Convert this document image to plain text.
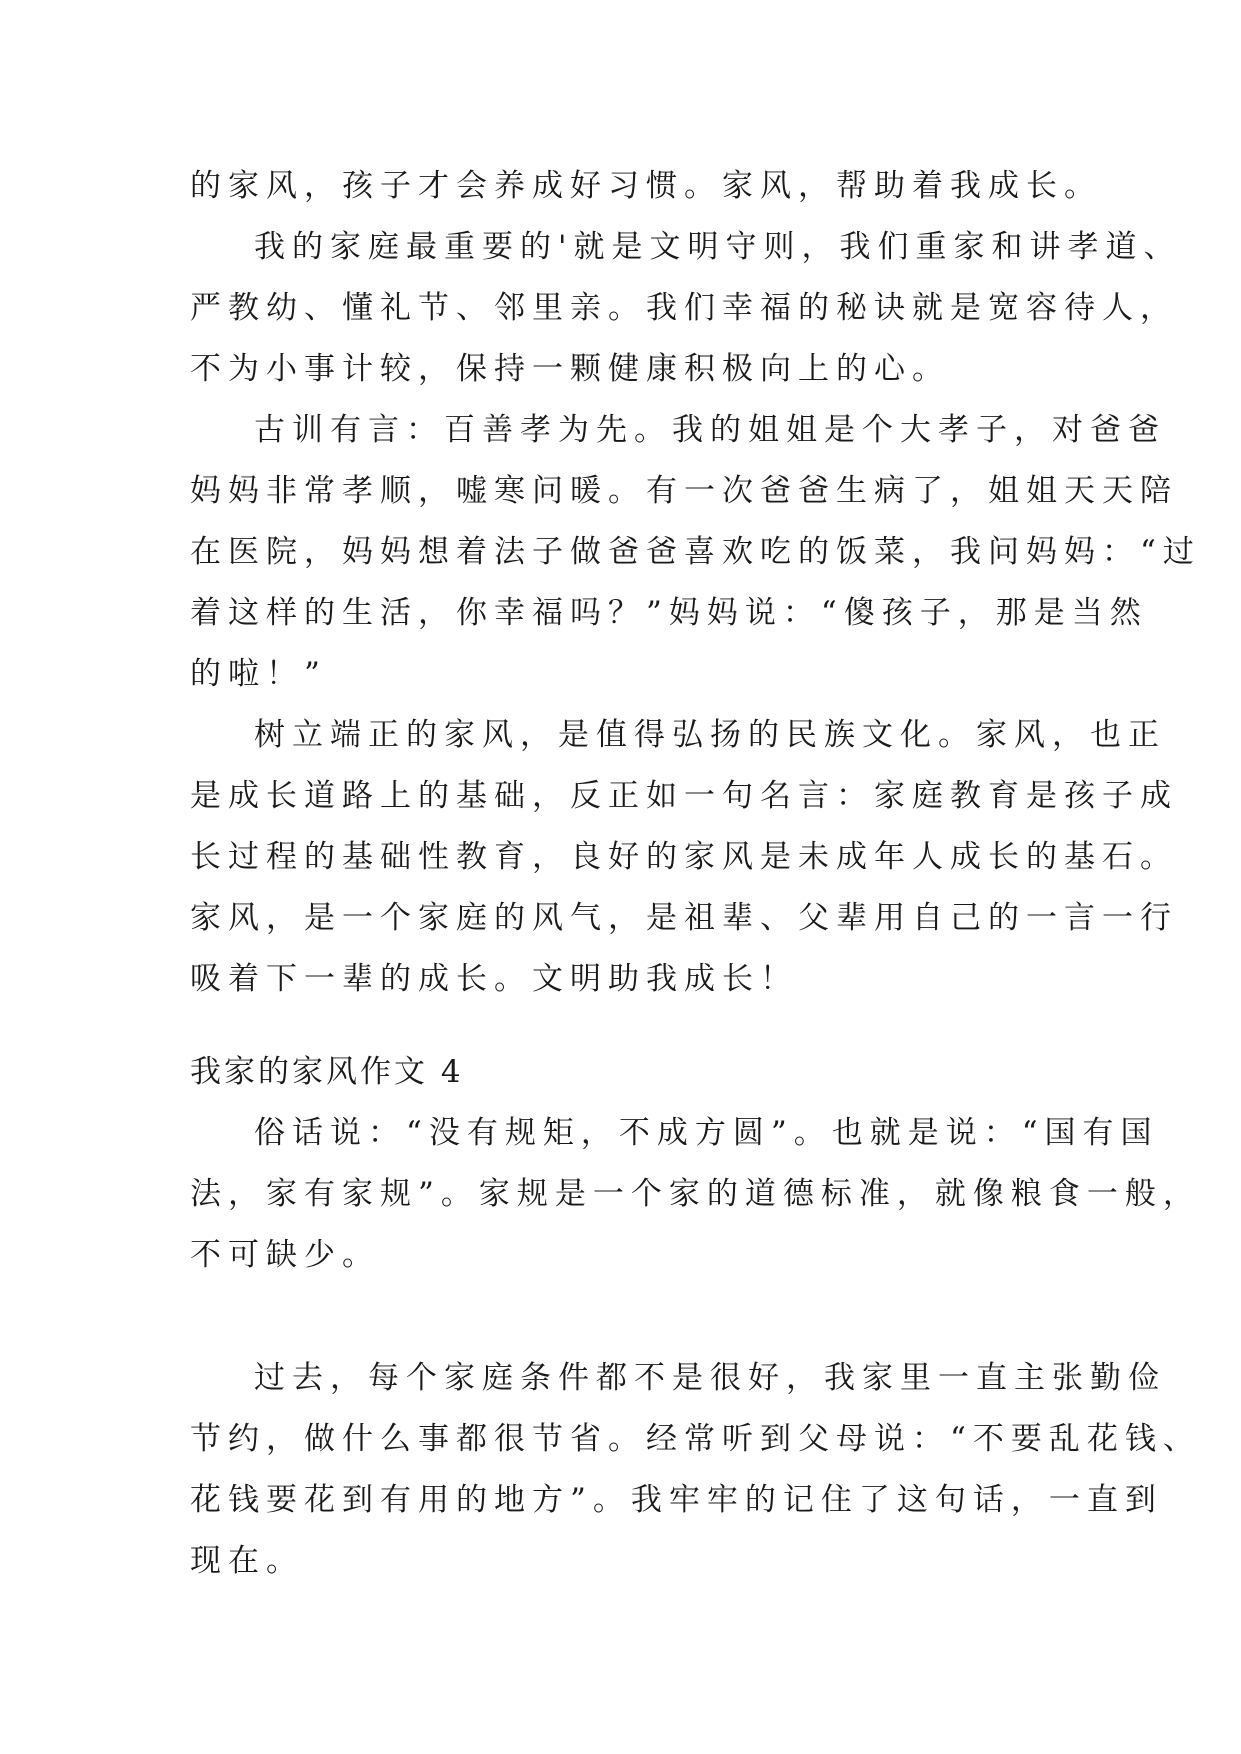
的家风，孩子才会养成好习惯。家风，帮助着我成长。
我的家庭最重要的'就是文明守则，我们重家和讲孝道、
严教幼、懂礼节、邻里亲。我们幸福的秘诀就是宽容待人，
不为小事计较，保持一颗健康积极向上的心。
古训有言：百善孝为先。我的姐姐是个大孝子，对爸爸
妈妈非常孝顺，嘘寒问暖。有一次爸爸生病了，姐姐天天陪
在医院，妈妈想着法子做爸爸喜欢吃的饭菜，我问妈妈：“过
着这样的生活，你幸福吗？”妈妈说：“傻孩子，那是当然
的啦！”
树立端正的家风，是值得弘扬的民族文化。家风，也正
是成长道路上的基础，反正如一句名言：家庭教育是孩子成
长过程的基础性教育，良好的家风是未成年人成长的基石。
家风，是一个家庭的风气，是祖辈、父辈用自己的一言一行
吸着下一辈的成长。文明助我成长！
我家的家风作文 4
俗话说：“没有规矩，不成方圆”。也就是说：“国有国
法，家有家规”。家规是一个家的道德标准，就像粮食一般，
不可缺少。
过去，每个家庭条件都不是很好，我家里一直主张勤俭
节约，做什么事都很节省。经常听到父母说：“不要乱花钱、
花钱要花到有用的地方”。我牢牢的记住了这句话，一直到
现在。
